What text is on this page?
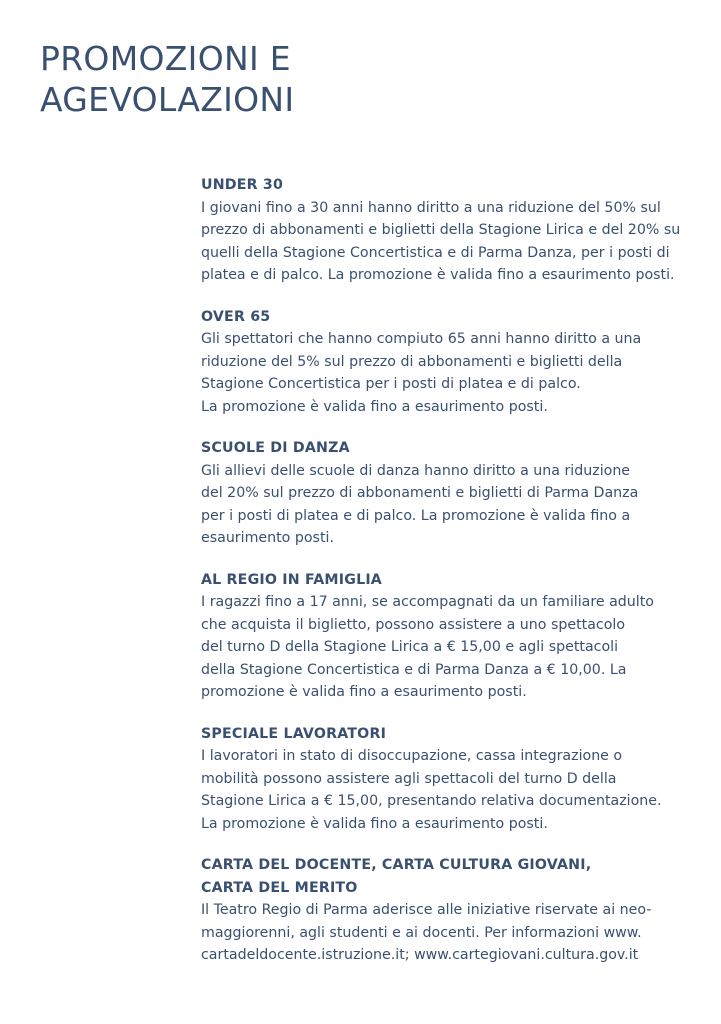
PROMOZIONI E
AGEVOLAZIONI
UNDER 30
I giovani fino a 30 anni hanno diritto a una riduzione del 50% sul
prezzo di abbonamenti e biglietti della Stagione Lirica e del 20% su
quelli della Stagione Concertistica e di Parma Danza, per i posti di
platea e di palco. La promozione è valida fino a esaurimento posti.
OVER 65
Gli spettatori che hanno compiuto 65 anni hanno diritto a una
riduzione del 5% sul prezzo di abbonamenti e biglietti della
Stagione Concertistica per i posti di platea e di palco.
La promozione è valida fino a esaurimento posti.
SCUOLE DI DANZA
Gli allievi delle scuole di danza hanno diritto a una riduzione
del 20% sul prezzo di abbonamenti e biglietti di Parma Danza
per i posti di platea e di palco. La promozione è valida fino a
esaurimento posti.
AL REGIO IN FAMIGLIA
I ragazzi fino a 17 anni, se accompagnati da un familiare adulto
che acquista il biglietto, possono assistere a uno spettacolo
del turno D della Stagione Lirica a € 15,00 e agli spettacoli
della Stagione Concertistica e di Parma Danza a € 10,00. La
promozione è valida fino a esaurimento posti.
SPECIALE LAVORATORI
I lavoratori in stato di disoccupazione, cassa integrazione o
mobilità possono assistere agli spettacoli del turno D della
Stagione Lirica a € 15,00, presentando relativa documentazione.
La promozione è valida fino a esaurimento posti.
CARTA DEL DOCENTE, CARTA CULTURA GIOVANI,
CARTA DEL MERITO
Il Teatro Regio di Parma aderisce alle iniziative riservate ai neo-
maggiorenni, agli studenti e ai docenti. Per informazioni www.
cartadeldocente.istruzione.it; www.cartegiovani.cultura.gov.it
